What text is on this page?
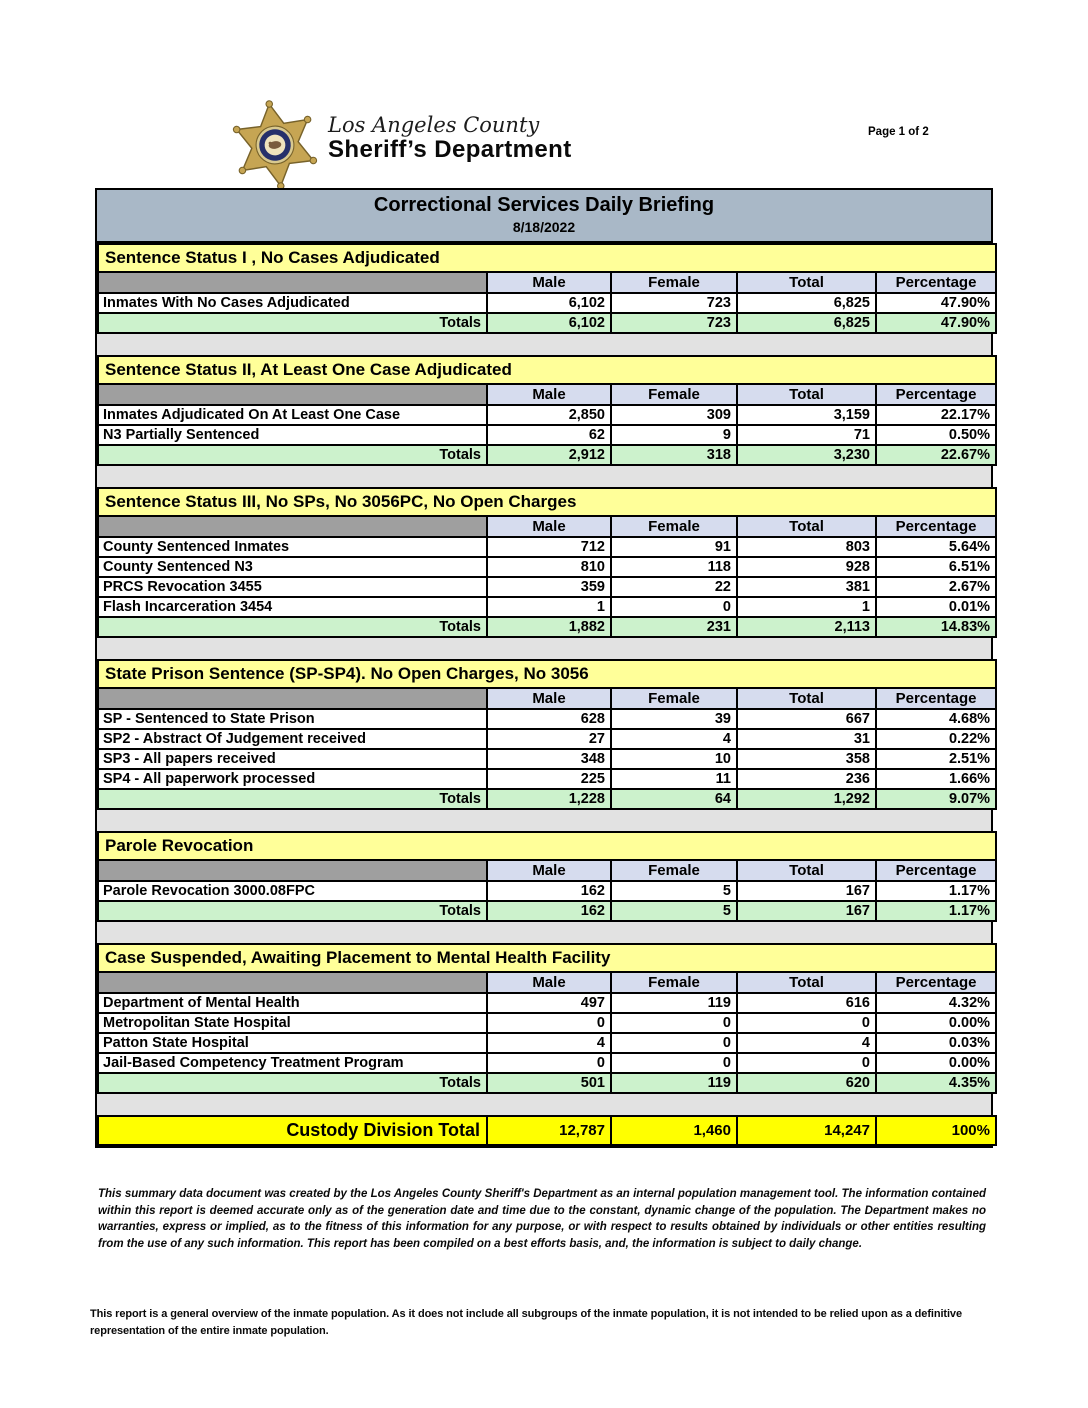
Los Angeles County
Sheriff’s Department
Page 1 of 2
Correctional Services Daily Briefing
8/18/2022
Sentence Status I , No Cases Adjudicated				
	Male	Female	Total	Percentage
Inmates With No Cases Adjudicated	6,102	723	6,825	47.90%
Totals	6,102	723	6,825	47.90%
Sentence Status II, At Least One Case Adjudicated				
	Male	Female	Total	Percentage
Inmates Adjudicated On At Least One Case	2,850	309	3,159	22.17%
N3 Partially Sentenced	62	9	71	0.50%
Totals	2,912	318	3,230	22.67%
Sentence Status III, No SPs, No 3056PC, No Open Charges				
	Male	Female	Total	Percentage
County Sentenced Inmates	712	91	803	5.64%
County Sentenced N3	810	118	928	6.51%
PRCS Revocation 3455	359	22	381	2.67%
Flash Incarceration 3454	1	0	1	0.01%
Totals	1,882	231	2,113	14.83%
State Prison Sentence (SP-SP4). No Open Charges, No 3056				
	Male	Female	Total	Percentage
SP - Sentenced to State Prison	628	39	667	4.68%
SP2 - Abstract Of Judgement received	27	4	31	0.22%
SP3 - All papers received	348	10	358	2.51%
SP4 - All paperwork processed	225	11	236	1.66%
Totals	1,228	64	1,292	9.07%
Parole Revocation				
	Male	Female	Total	Percentage
Parole Revocation 3000.08FPC	162	5	167	1.17%
Totals	162	5	167	1.17%
Case Suspended, Awaiting Placement to Mental Health Facility				
	Male	Female	Total	Percentage
Department of Mental Health	497	119	616	4.32%
Metropolitan State Hospital	0	0	0	0.00%
Patton State Hospital	4	0	4	0.03%
Jail-Based Competency Treatment Program	0	0	0	0.00%
Totals	501	119	620	4.35%
Custody Division Total	12,787	1,460	14,247	100%
This summary data document was created by the Los Angeles County Sheriff's Department as an internal population management tool. The information contained within this report is deemed accurate only as of the generation date and time due to the constant, dynamic change of the population. The Department makes no warranties, express or implied, as to the fitness of this information for any purpose, or with respect to results obtained by individuals or other entities resulting from the use of any such information. This report has been compiled on a best efforts basis, and, the information is subject to daily change.
This report is a general overview of the inmate population. As it does not include all subgroups of the inmate population, it is not intended to be relied upon as a definitive representation of the entire inmate population.
